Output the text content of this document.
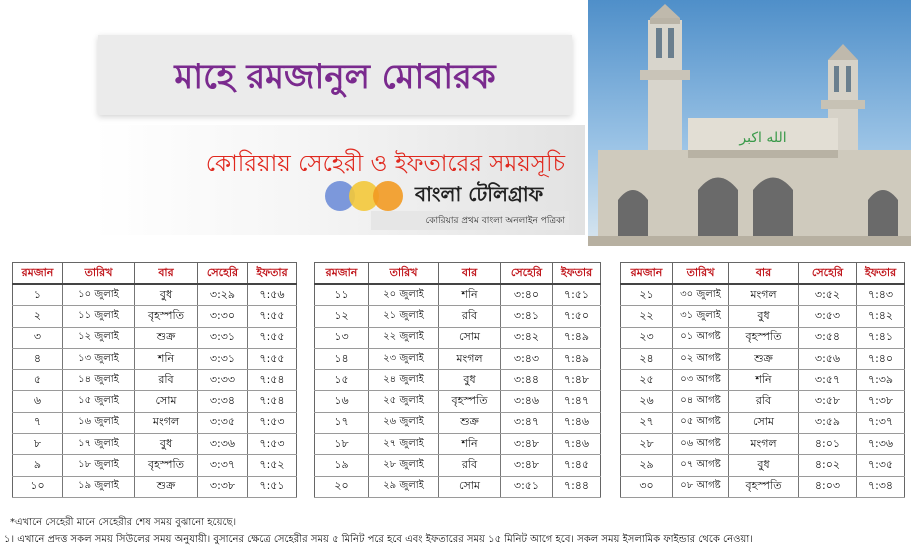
মাহে রমজানুল মোবারক
কোরিয়ায় সেহেরী ও ইফতারের সময়সূচি
বাংলা টেলিগ্রাফ
কোরিয়ার প্রথম বাংলা অনলাইন পত্রিকা
الله اكبر
রমজান	তারিখ	বার	সেহেরি	ইফতার
১	১০ জুলাই	বুধ	৩:২৯	৭:৫৬
২	১১ জুলাই	বৃহস্পতি	৩:৩০	৭:৫৫
৩	১২ জুলাই	শুক্র	৩:৩১	৭:৫৫
৪	১৩ জুলাই	শনি	৩:৩১	৭:৫৫
৫	১৪ জুলাই	রবি	৩:৩৩	৭:৫৪
৬	১৫ জুলাই	সোম	৩:৩৪	৭:৫৪
৭	১৬ জুলাই	মংগল	৩:৩৫	৭:৫৩
৮	১৭ জুলাই	বুধ	৩:৩৬	৭:৫৩
৯	১৮ জুলাই	বৃহস্পতি	৩:৩৭	৭:৫২
১০	১৯ জুলাই	শুক্র	৩:৩৮	৭:৫১
রমজান	তারিখ	বার	সেহেরি	ইফতার
১১	২০ জুলাই	শনি	৩:৪০	৭:৫১
১২	২১ জুলাই	রবি	৩:৪১	৭:৫০
১৩	২২ জুলাই	সোম	৩:৪২	৭:৪৯
১৪	২৩ জুলাই	মংগল	৩:৪৩	৭:৪৯
১৫	২৪ জুলাই	বুধ	৩:৪৪	৭:৪৮
১৬	২৫ জুলাই	বৃহস্পতি	৩:৪৬	৭:৪৭
১৭	২৬ জুলাই	শুক্র	৩:৪৭	৭:৪৬
১৮	২৭ জুলাই	শনি	৩:৪৮	৭:৪৬
১৯	২৮ জুলাই	রবি	৩:৪৮	৭:৪৫
২০	২৯ জুলাই	সোম	৩:৫১	৭:৪৪
রমজান	তারিখ	বার	সেহেরি	ইফতার
২১	৩০ জুলাই	মংগল	৩:৫২	৭:৪৩
২২	৩১ জুলাই	বুধ	৩:৫৩	৭:৪২
২৩	০১ আগষ্ট	বৃহস্পতি	৩:৫৪	৭:৪১
২৪	০২ আগষ্ট	শুক্র	৩:৫৬	৭:৪০
২৫	০৩ আগষ্ট	শনি	৩:৫৭	৭:৩৯
২৬	০৪ আগষ্ট	রবি	৩:৫৮	৭:৩৮
২৭	০৫ আগষ্ট	সোম	৩:৫৯	৭:৩৭
২৮	০৬ আগষ্ট	মংগল	৪:০১	৭:৩৬
২৯	০৭ আগষ্ট	বুধ	৪:০২	৭:৩৫
৩০	০৮ আগষ্ট	বৃহস্পতি	৪:০৩	৭:৩৪
*এখানে সেহেরী মানে সেহেরীর শেষ সময় বুঝানো হয়েছে।
১। এখানে প্রদত্ত সকল সময় সিউলের সময় অনুযায়ী। বুসানের ক্ষেত্রে সেহেরীর সময় ৫ মিনিট পরে হবে এবং ইফতারের সময় ১৫ মিনিট আগে হবে। সকল সময় ইসলামিক ফাইন্ডার থেকে নেওয়া।
